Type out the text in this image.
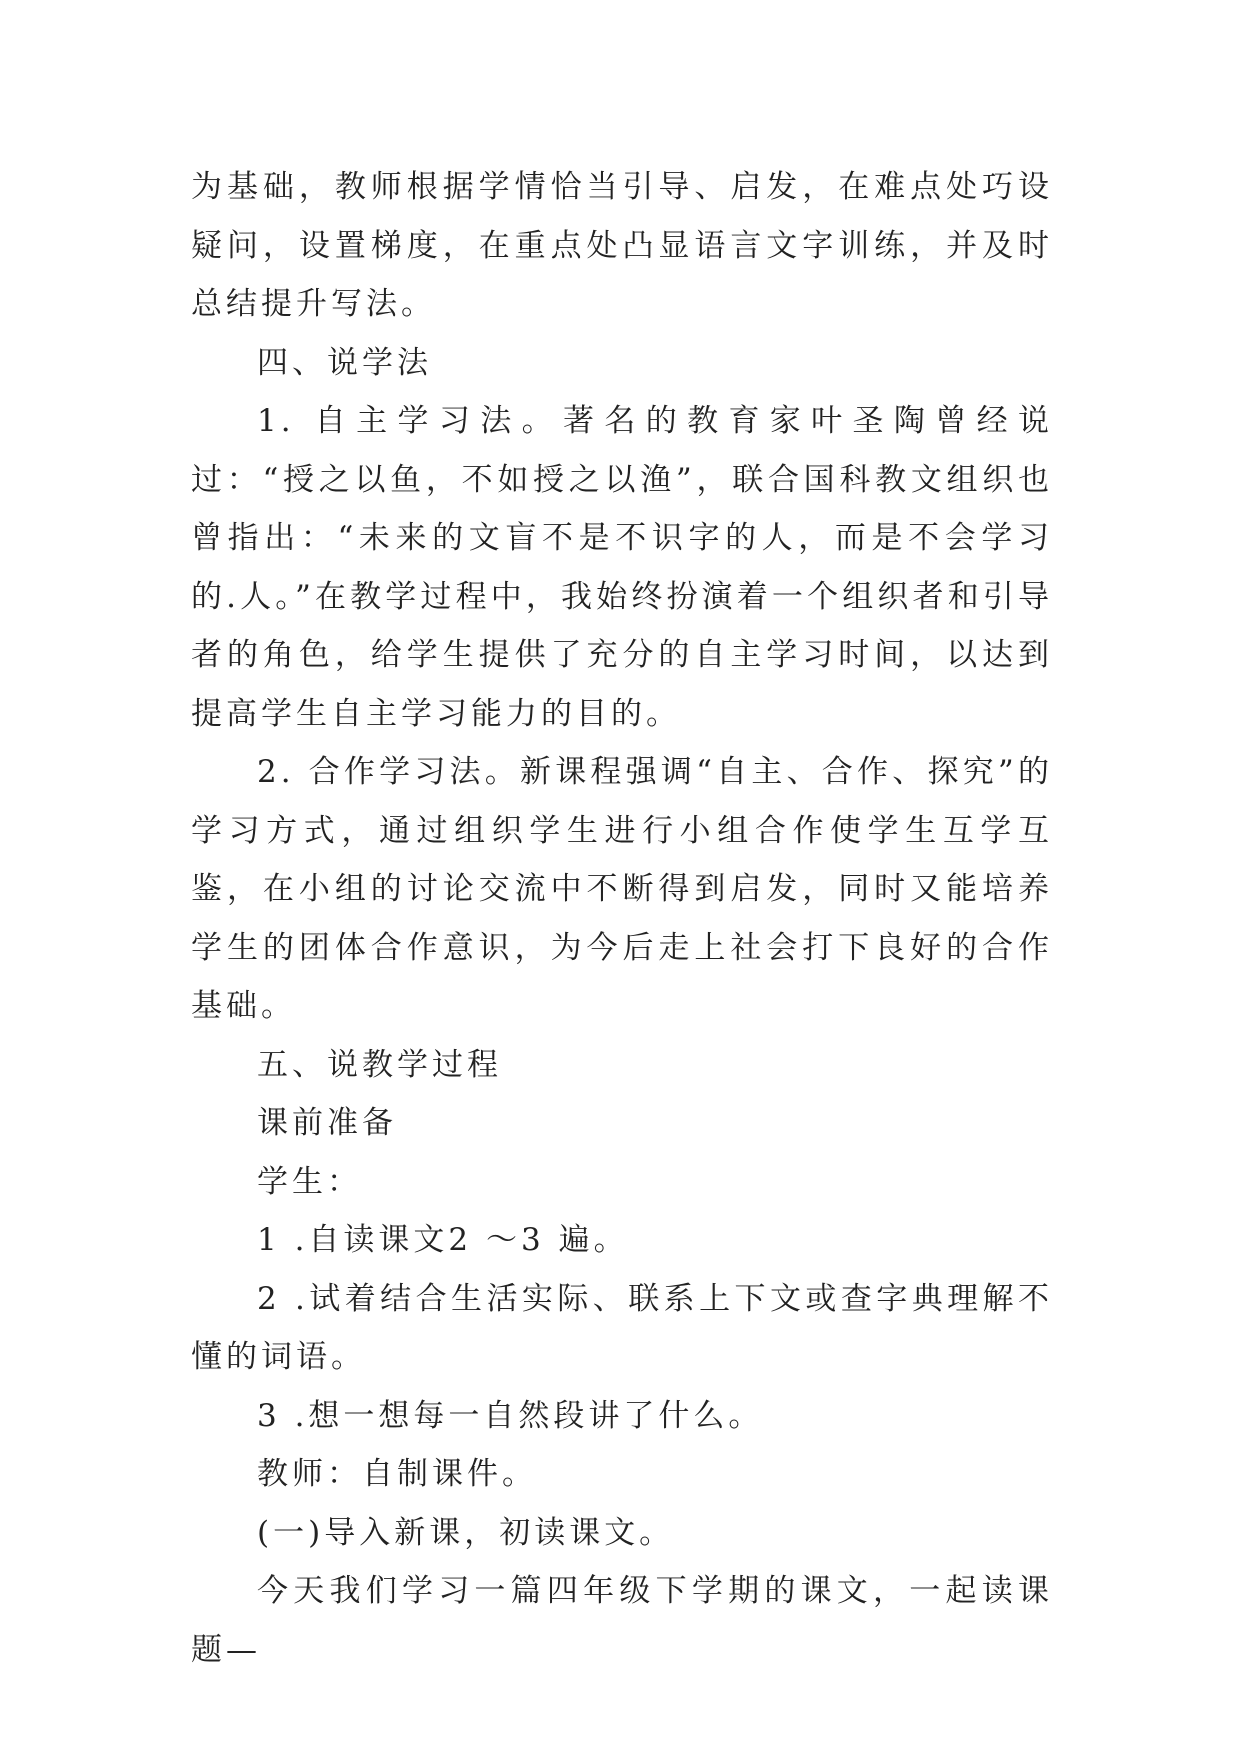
为基础，教师根据学情恰当引导、启发，在难点处巧设疑问，设置梯度，在重点处凸显语言文字训练，并及时总结提升写法。

四、说学法

1. 自主学习法。著名的教育家叶圣陶曾经说过：“授之以鱼，不如授之以渔”，联合国科教文组织也曾指出：“未来的文盲不是不识字的人，而是不会学习的.人。”在教学过程中，我始终扮演着一个组织者和引导者的角色，给学生提供了充分的自主学习时间，以达到提高学生自主学习能力的目的。

2. 合作学习法。新课程强调“自主、合作、探究”的学习方式，通过组织学生进行小组合作使学生互学互鉴，在小组的讨论交流中不断得到启发，同时又能培养学生的团体合作意识，为今后走上社会打下良好的合作基础。

五、说教学过程

课前准备

学生：

1 .自读课文2 ～3 遍。

2 .试着结合生活实际、联系上下文或查字典理解不懂的词语。

3 .想一想每一自然段讲了什么。

教师：自制课件。

(一)导入新课，初读课文。

今天我们学习一篇四年级下学期的课文，一起读课题—
